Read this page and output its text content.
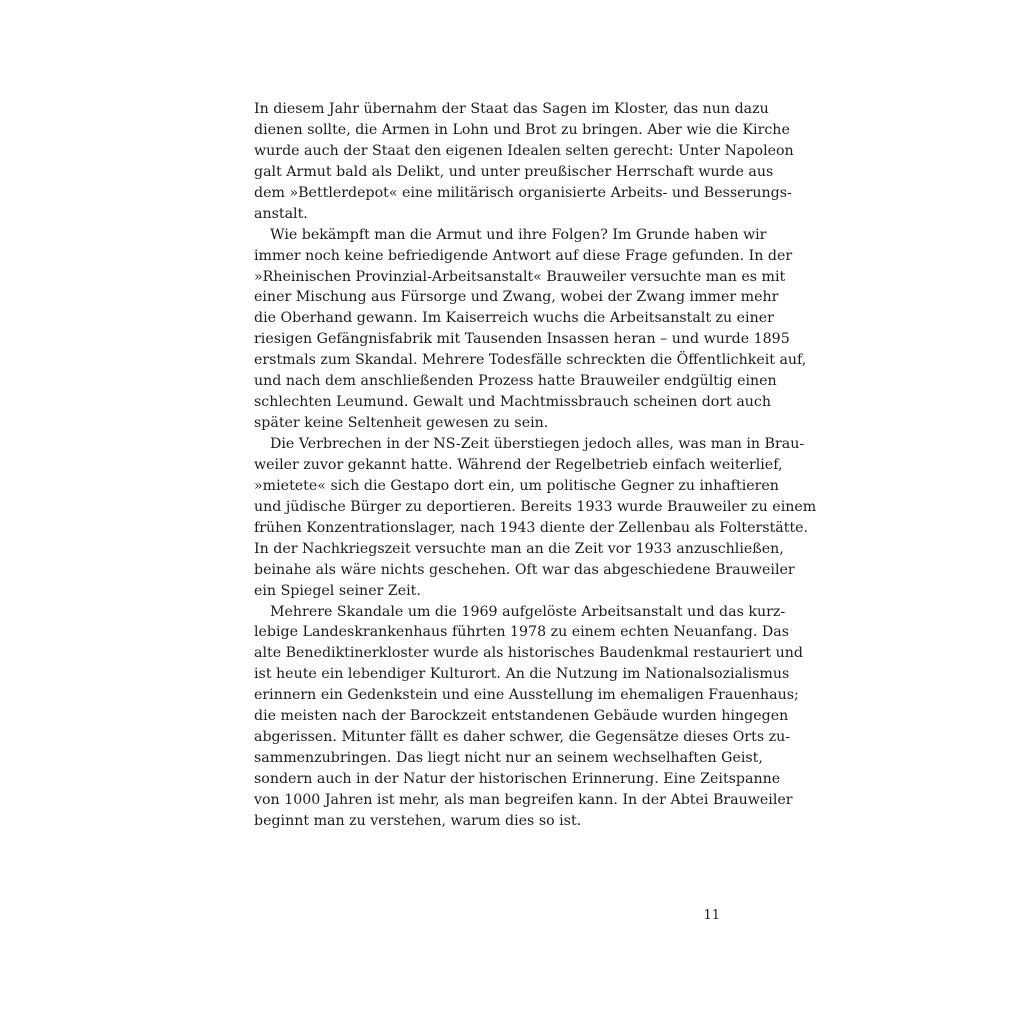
In diesem Jahr übernahm der Staat das Sagen im Kloster, das nun dazu
dienen sollte, die Armen in Lohn und Brot zu bringen. Aber wie die Kirche
wurde auch der Staat den eigenen Idealen selten gerecht: Unter Napoleon
galt Armut bald als Delikt, und unter preußischer Herrschaft wurde aus
dem »Bettlerdepot« eine militärisch organisierte Arbeits- und Besserungs-
anstalt.
Wie bekämpft man die Armut und ihre Folgen? Im Grunde haben wir
immer noch keine befriedigende Antwort auf diese Frage gefunden. In der
»Rheinischen Provinzial-Arbeitsanstalt« Brauweiler versuchte man es mit
einer Mischung aus Fürsorge und Zwang, wobei der Zwang immer mehr
die Oberhand gewann. Im Kaiserreich wuchs die Arbeitsanstalt zu einer
riesigen Gefängnisfabrik mit Tausenden Insassen heran – und wurde 1895
erstmals zum Skandal. Mehrere Todesfälle schreckten die Öffentlichkeit auf,
und nach dem anschließenden Prozess hatte Brauweiler endgültig einen
schlechten Leumund. Gewalt und Machtmissbrauch scheinen dort auch
später keine Seltenheit gewesen zu sein.
Die Verbrechen in der NS-Zeit überstiegen jedoch alles, was man in Brau-
weiler zuvor gekannt hatte. Während der Regelbetrieb einfach weiterlief,
»mietete« sich die Gestapo dort ein, um politische Gegner zu inhaftieren
und jüdische Bürger zu deportieren. Bereits 1933 wurde Brauweiler zu einem
frühen Konzentrationslager, nach 1943 diente der Zellenbau als Folterstätte.
In der Nachkriegszeit versuchte man an die Zeit vor 1933 anzuschließen,
beinahe als wäre nichts geschehen. Oft war das abgeschiedene Brauweiler
ein Spiegel seiner Zeit.
Mehrere Skandale um die 1969 aufgelöste Arbeitsanstalt und das kurz-
lebige Landeskrankenhaus führten 1978 zu einem echten Neuanfang. Das
alte Benediktinerkloster wurde als historisches Baudenkmal restauriert und
ist heute ein lebendiger Kulturort. An die Nutzung im Nationalsozialismus
erinnern ein Gedenkstein und eine Ausstellung im ehemaligen Frauenhaus;
die meisten nach der Barockzeit entstandenen Gebäude wurden hingegen
abgerissen. Mitunter fällt es daher schwer, die Gegensätze dieses Orts zu-
sammenzubringen. Das liegt nicht nur an seinem wechselhaften Geist,
sondern auch in der Natur der historischen Erinnerung. Eine Zeitspanne
von 1000 Jahren ist mehr, als man begreifen kann. In der Abtei Brauweiler
beginnt man zu verstehen, warum dies so ist.
11
